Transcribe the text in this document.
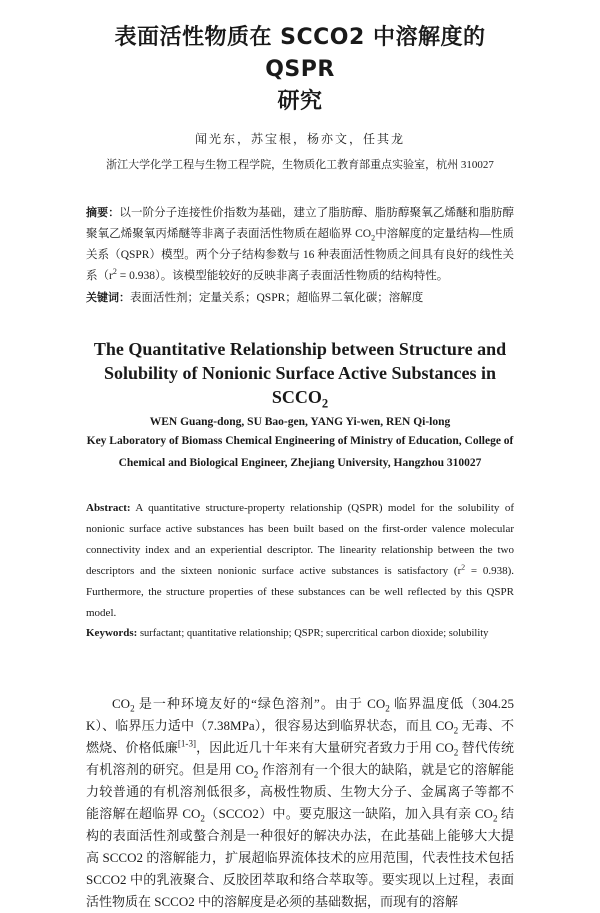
表面活性物质在 SCCO2 中溶解度的 QSPR
研究
闻光东，苏宝根，杨亦文，任其龙
浙江大学化学工程与生物工程学院，生物质化工教育部重点实验室，杭州 310027
摘要：以一阶分子连接性价指数为基础，建立了脂肪醇、脂肪醇聚氧乙烯醚和脂肪醇聚氧乙烯聚氧丙烯醚等非离子表面活性物质在超临界 $CO_2$中溶解度的定量结构—性质关系（QSPR）模型。两个分子结构参数与 16 种表面活性物质之间具有良好的线性关系$(r^2 = 0.938)$。该模型能较好的反映非离子表面活性物质的结构特性。
关键词：表面活性剂；定量关系；QSPR；超临界二氧化碳；溶解度
The Quantitative Relationship between Structure and
Solubility of Nonionic Surface Active Substances in $SCCO_2$
WEN Guang-dong, SU Bao-gen, YANG Yi-wen, REN Qi-long
Key Laboratory of Biomass Chemical Engineering of Ministry of Education, College of
Chemical and Biological Engineer, Zhejiang University, Hangzhou 310027
Abstract: A quantitative structure-property relationship (QSPR) model for the solubility of nonionic surface active substances has been built based on the first-order valence molecular connectivity index and an experiential descriptor. The linearity relationship between the two descriptors and the sixteen nonionic surface active substances is satisfactory $(r^2 = 0.938)$. Furthermore, the structure properties of these substances can be well reflected by this QSPR model.
Keywords: surfactant; quantitative relationship; QSPR; supercritical carbon dioxide; solubility
$CO_2$ 是一种环境友好的“绿色溶剂”。由于 $CO_2$ 临界温度低（304.25 K）、临界压力适中（7.38MPa），很容易达到临界状态，而且 $CO_2$ 无毒、不燃烧、价格低廉[1-3]，因此近几十年来有大量研究者致力于用 $CO_2$ 替代传统有机溶剂的研究。但是用 $CO_2$ 作溶剂有一个很大的缺陷，就是它的溶解能力较普通的有机溶剂低很多，高极性物质、生物大分子、金属离子等都不能溶解在超临界 $CO_2(SCCO2)$中。要克服这一缺陷，加入具有亲 $CO_2$ 结构的表面活性剂或螯合剂是一种很好的解决办法，在此基础上能够大大提高 SCCO2 的溶解能力，扩展超临界流体技术的应用范围，代表性技术包括 SCCO2 中的乳液聚合、反胶团萃取和络合萃取等。要实现以上过程，表面活性物质在 SCCO2 中的溶解度是必须的基础数据，而现有的溶解
